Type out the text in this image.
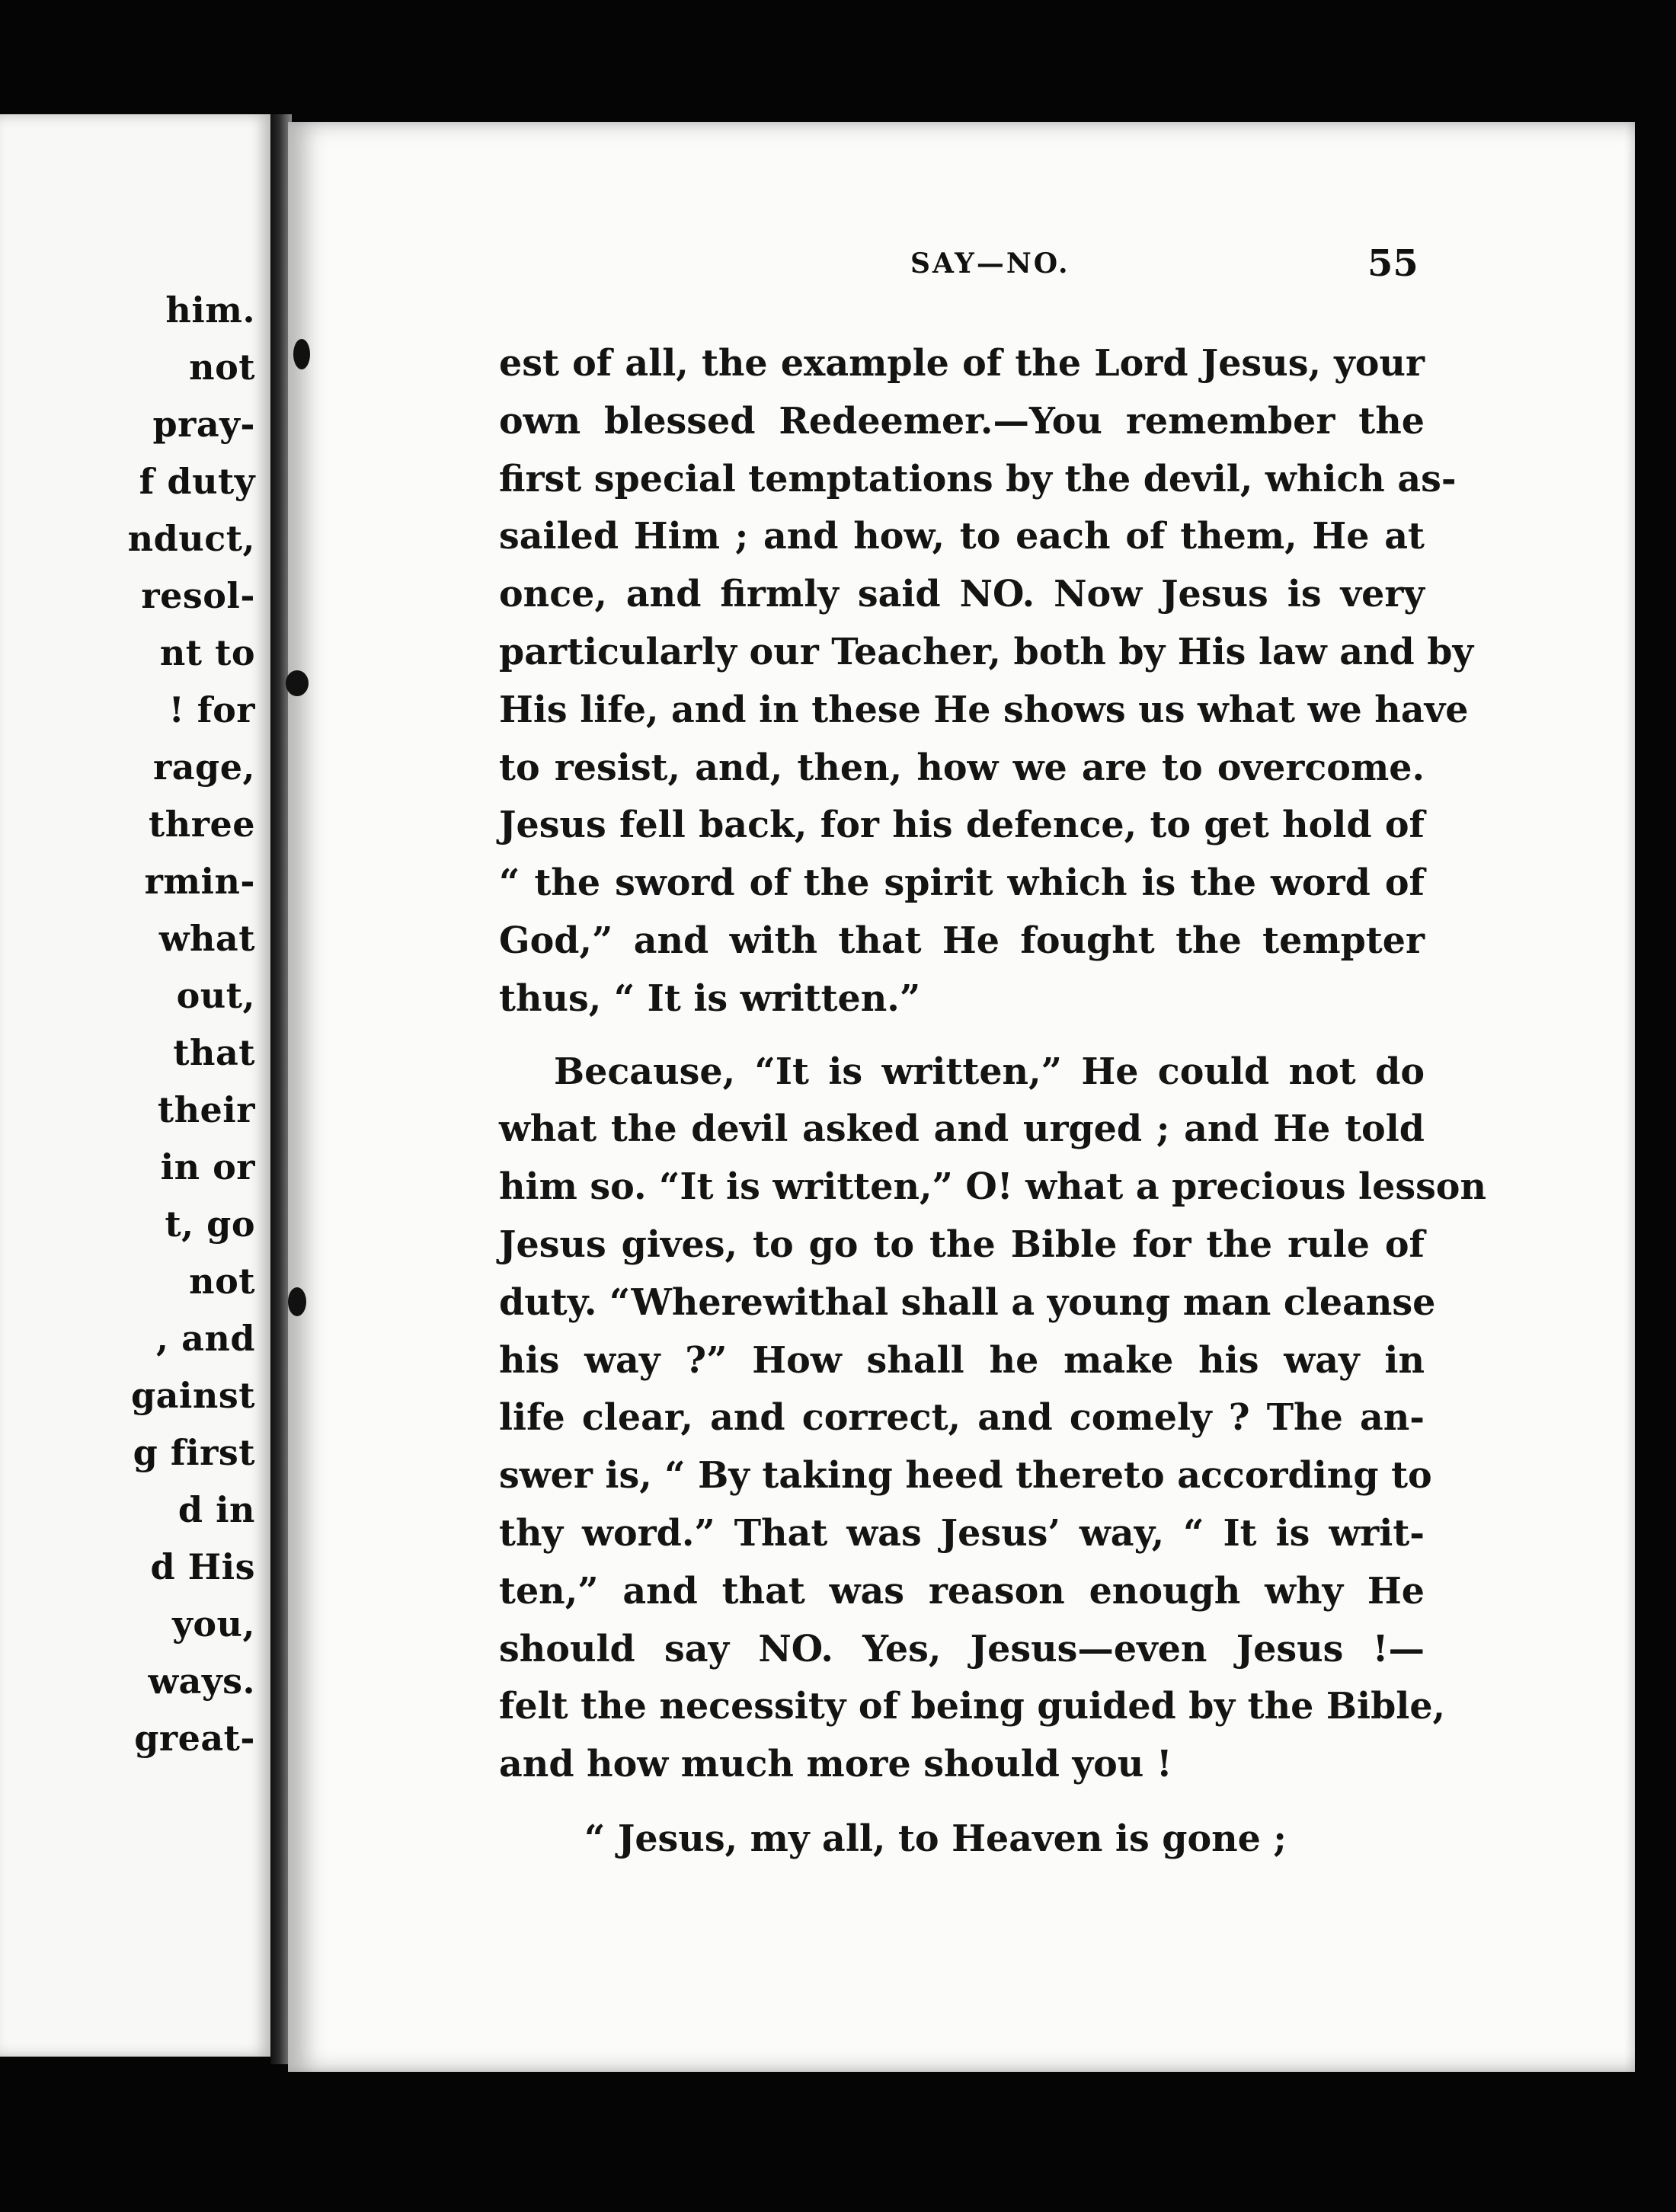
him.
not
pray-
f duty
nduct,
resol-
nt to
! for
rage,
three
rmin-
what
out,
that
their
in or
t, go
not
, and
gainst
g first
d in
d His
you,
ways.
great-
SAY—NO.	55
est of all, the example of the Lord Jesus, your
own blessed Redeemer.—You remember the
first special temptations by the devil, which as-
sailed Him ; and how, to each of them, He at
once, and firmly said NO. Now Jesus is very
particularly our Teacher, both by His law and by
His life, and in these He shows us what we have
to resist, and, then, how we are to overcome.
Jesus fell back, for his defence, to get hold of
“ the sword of the spirit which is the word of
God,” and with that He fought the tempter
thus, “ It is written.”
Because, “It is written,” He could not do
what the devil asked and urged ; and He told
him so. “It is written,” O! what a precious lesson
Jesus gives, to go to the Bible for the rule of
duty. “Wherewithal shall a young man cleanse
his way ?” How shall he make his way in
life clear, and correct, and comely ? The an-
swer is, “ By taking heed thereto according to
thy word.” That was Jesus’ way, “ It is writ-
ten,” and that was reason enough why He
should say NO. Yes, Jesus—even Jesus !—
felt the necessity of being guided by the Bible,
and how much more should you !
“ Jesus, my all, to Heaven is gone ;
